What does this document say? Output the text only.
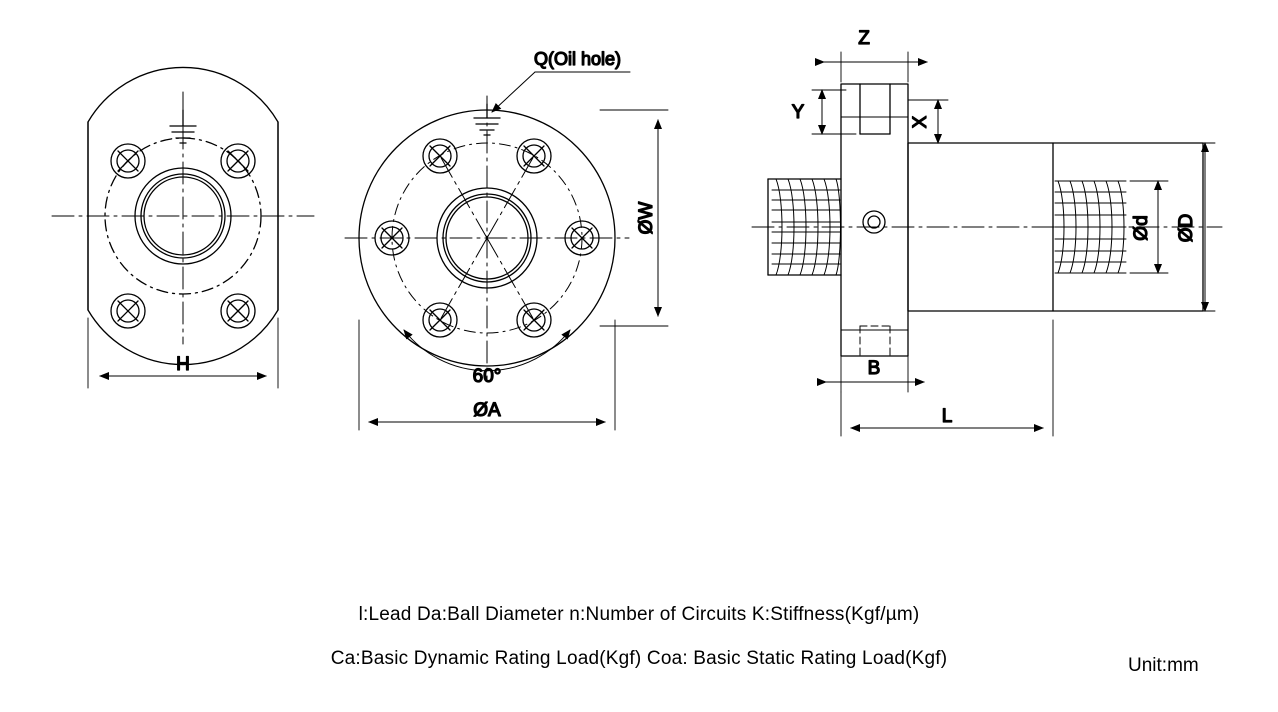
H
Q(Oil hole)
ØW
60°
ØA
Z
Y	X
B
L
Ød ØD
l:Lead Da:Ball Diameter n:Number of Circuits K:Stiffness(Kgf/µm)
Ca:Basic Dynamic Rating Load(Kgf) Coa: Basic Static Rating Load(Kgf)	Unit:mm
